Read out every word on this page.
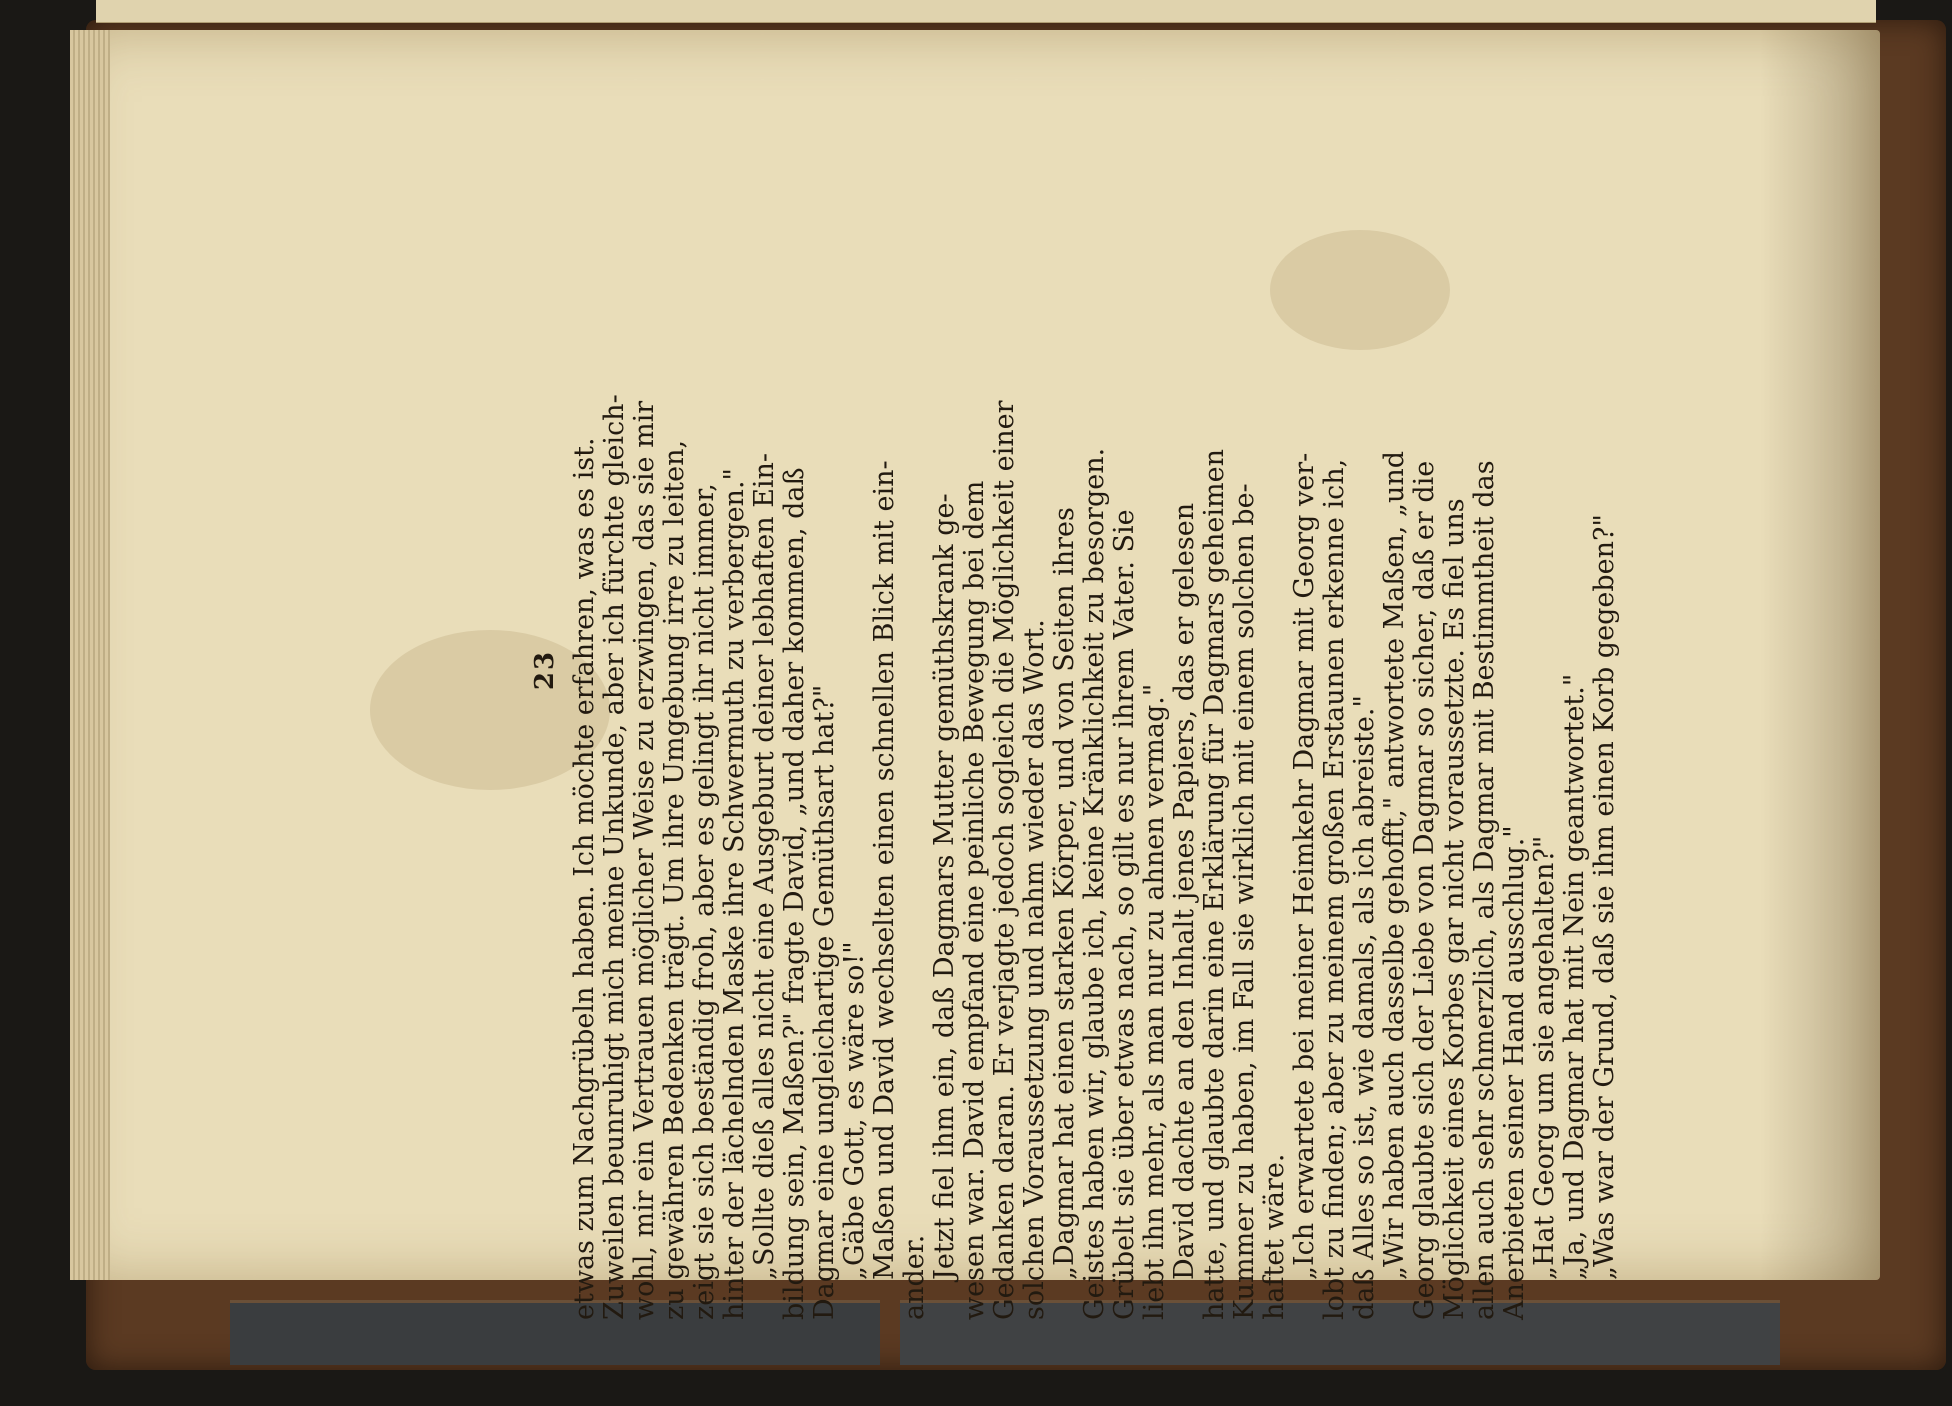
23 etwas zum Nachgrübeln haben. Ich möchte erfahren, was es ist. Zuweilen beunruhigt mich meine Unkunde, aber ich fürchte gleich- wohl, mir ein Vertrauen möglicher Weise zu erzwingen, das sie mir zu gewähren Bedenken trägt. Um ihre Umgebung irre zu leiten, zeigt sie sich beständig froh, aber es gelingt ihr nicht immer, hinter der lächelnden Maske ihre Schwermuth zu verbergen." „Sollte dieß alles nicht eine Ausgeburt deiner lebhaften Ein- bildung sein, Maßen?" fragte David, „und daher kommen, daß Dagmar eine ungleichartige Gemüthsart hat?" „Gäbe Gott, es wäre so!" Maßen und David wechselten einen schnellen Blick mit ein- ander. Jetzt fiel ihm ein, daß Dagmars Mutter gemüthskrank ge- wesen war. David empfand eine peinliche Bewegung bei dem Gedanken daran. Er verjagte jedoch sogleich die Möglichkeit einer solchen Voraussetzung und nahm wieder das Wort. „Dagmar hat einen starken Körper, und von Seiten ihres Geistes haben wir, glaube ich, keine Kränklichkeit zu besorgen. Grübelt sie über etwas nach, so gilt es nur ihrem Vater. Sie liebt ihn mehr, als man nur zu ahnen vermag." David dachte an den Inhalt jenes Papiers, das er gelesen hatte, und glaubte darin eine Erklärung für Dagmars geheimen Kummer zu haben, im Fall sie wirklich mit einem solchen be- haftet wäre. „Ich erwartete bei meiner Heimkehr Dagmar mit Georg ver- lobt zu finden; aber zu meinem großen Erstaunen erkenne ich, daß Alles so ist, wie damals, als ich abreiste." „Wir haben auch dasselbe gehofft," antwortete Maßen, „und Georg glaubte sich der Liebe von Dagmar so sicher, daß er die Möglichkeit eines Korbes gar nicht voraussetzte. Es fiel uns allen auch sehr schmerzlich, als Dagmar mit Bestimmtheit das Anerbieten seiner Hand ausschlug." „Hat Georg um sie angehalten?" „Ja, und Dagmar hat mit Nein geantwortet." „Was war der Grund, daß sie ihm einen Korb gegeben?"
